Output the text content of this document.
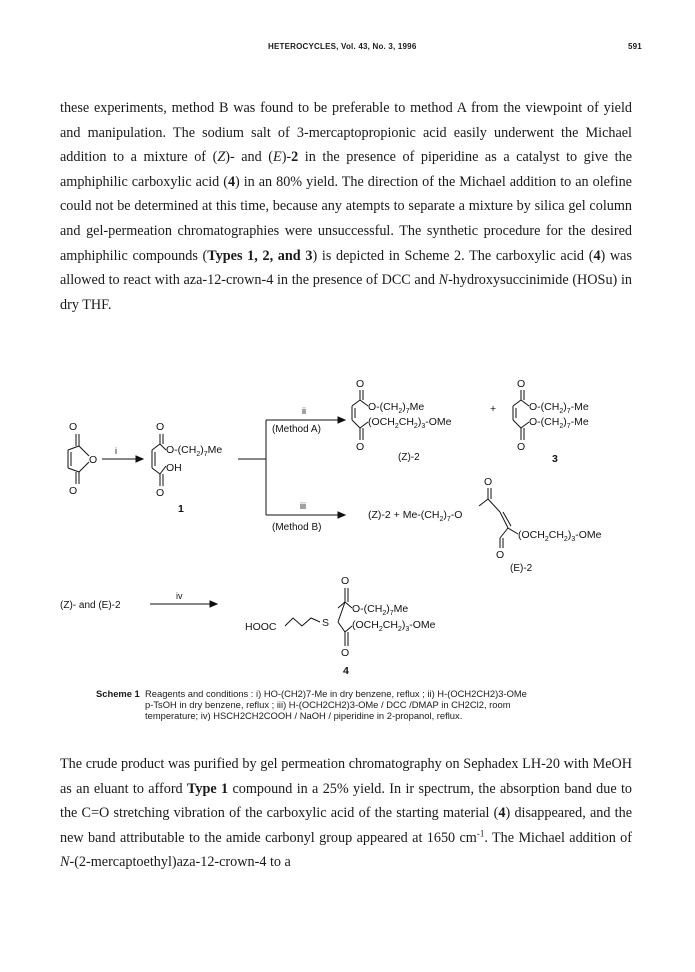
HETEROCYCLES, Vol. 43, No. 3, 1996	591
these experiments, method B was found to be preferable to method A from the viewpoint of yield and manipulation. The sodium salt of 3-mercaptopropionic acid easily underwent the Michael addition to a mixture of (Z)- and (E)-2 in the presence of piperidine as a catalyst to give the amphiphilic carboxylic acid (4) in an 80% yield. The direction of the Michael addition to an olefine could not be determined at this time, because any atempts to separate a mixture by silica gel column and gel-permeation chromatographies were unsuccessful. The synthetic procedure for the desired amphiphilic compounds (Types 1, 2, and 3) is depicted in Scheme 2. The carboxylic acid (4) was allowed to react with aza-12-crown-4 in the presence of DCC and N-hydroxysuccinimide (HOSu) in dry THF.
O
O
O
i
O
$O-(CH_2)_7Me$
OH
O
1
ii
(Method A)
iii
(Method B)
O
$O-(CH_2)_7Me$
$(OCH_2CH_2)_3$-OMe
+
O
(Z)-2
O
$O-(CH_2)_7-Me$
$O-(CH_2)_7-Me$
O
3
$(Z)-2 + Me-(CH_2)_7-O$
O
$(OCH_2CH_2)_3$-OMe
O
(E)-2
(Z)- and (E)-2
iv
HOOC	S
O
$O-(CH_2)_7Me$
$(OCH_2CH_2)_3$-OMe
O
4
Scheme 1 Reagents and conditions : i) HO-(CH2)7-Me in dry benzene, reflux ; ii) H-(OCH2CH2)3-OMe
p-TsOH in dry benzene, reflux ; iii) H-(OCH2CH2)3-OMe / DCC /DMAP in CH2Cl2, room
temperature; iv) HSCH2CH2COOH / NaOH / piperidine in 2-propanol, reflux.
The crude product was purified by gel permeation chromatography on Sephadex LH-20 with MeOH as an eluant to afford Type 1 compound in a 25% yield. In ir spectrum, the absorption band due to the C=O stretching vibration of the carboxylic acid of the starting material (4) disappeared, and the new band attributable to the amide carbonyl group appeared at 1650 $cm^{-1}$. The Michael addition of N-(2-mercaptoethyl)aza-12-crown-4 to a
